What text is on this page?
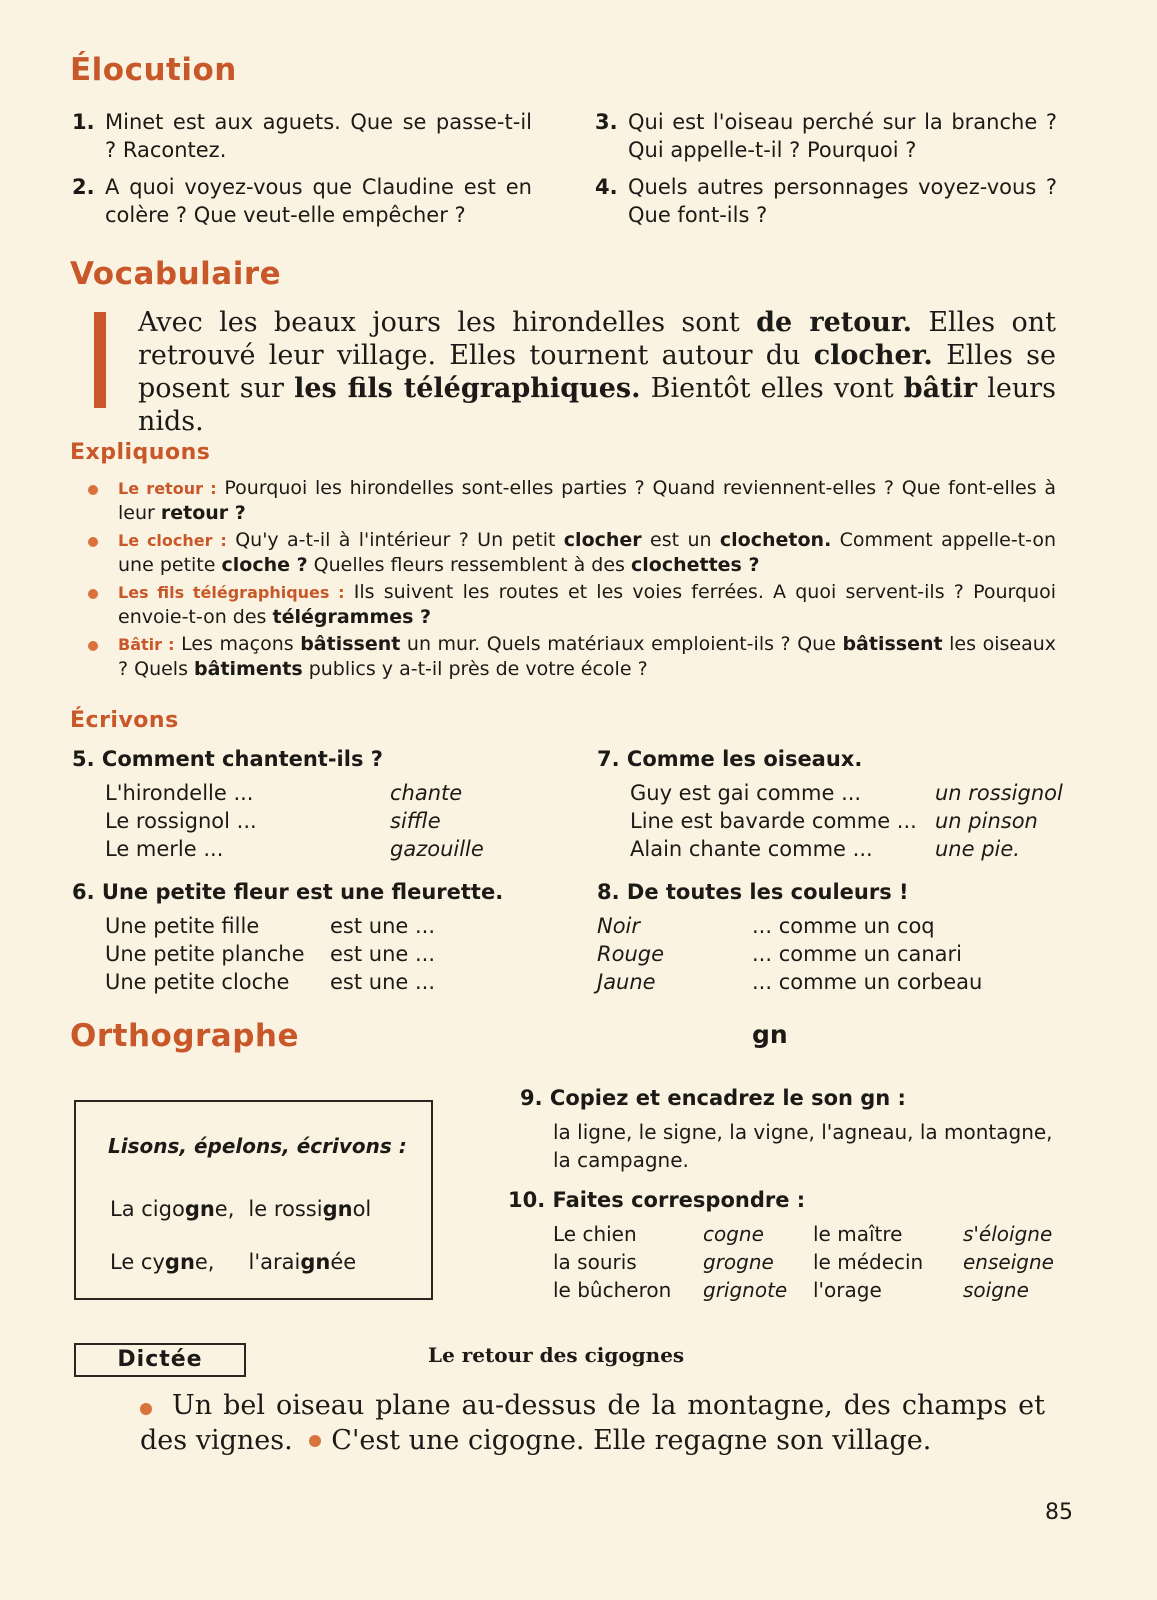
Élocution
1. Minet est aux aguets. Que se passe-t-il ? Racontez.
2. A quoi voyez-vous que Claudine est en colère ? Que veut-elle empêcher ?
3. Qui est l'oiseau perché sur la branche ? Qui appelle-t-il ? Pourquoi ?
4. Quels autres personnages voyez-vous ? Que font-ils ?
Vocabulaire
Avec les beaux jours les hirondelles sont de retour. Elles ont retrouvé leur village. Elles tournent autour du clocher. Elles se posent sur les fils télégraphiques. Bientôt elles vont bâtir leurs nids.
Expliquons
Le retour : Pourquoi les hirondelles sont-elles parties ? Quand reviennent-elles ? Que font-elles à leur retour ?
Le clocher : Qu'y a-t-il à l'intérieur ? Un petit clocher est un clocheton. Comment appelle-t-on une petite cloche ? Quelles fleurs ressemblent à des clochettes ?
Les fils télégraphiques : Ils suivent les routes et les voies ferrées. A quoi servent-ils ? Pourquoi envoie-t-on des télégrammes ?
Bâtir : Les maçons bâtissent un mur. Quels matériaux emploient-ils ? Que bâtissent les oiseaux ? Quels bâtiments publics y a-t-il près de votre école ?
Écrivons
5. Comment chantent-ils ?
L'hirondelle ...
Le rossignol ...
Le merle ...
chante
siffle
gazouille
6. Une petite fleur est une fleurette.
Une petite fille
Une petite planche
Une petite cloche
est une ...
est une ...
est une ...
7. Comme les oiseaux.
Guy est gai comme ...
Line est bavarde comme ...
Alain chante comme ...
un rossignol
un pinson
une pie.
8. De toutes les couleurs !
Noir
Rouge
Jaune
... comme un coq
... comme un canari
... comme un corbeau
Orthographe	gn
Lisons, épelons, écrivons :
La cigogne, le rossignol
Le cygne, l'araignée
9. Copiez et encadrez le son gn :
la ligne, le signe, la vigne, l'agneau, la montagne, la campagne.
10. Faites correspondre :
Le chien
la souris
le bûcheron
cogne
grogne
grignote
le maître
le médecin
l'orage
s'éloigne
enseigne
soigne
Dictée	Le retour des cigognes
Un bel oiseau plane au-dessus de la montagne, des champs et des vignes. C'est une cigogne. Elle regagne son village.
85
